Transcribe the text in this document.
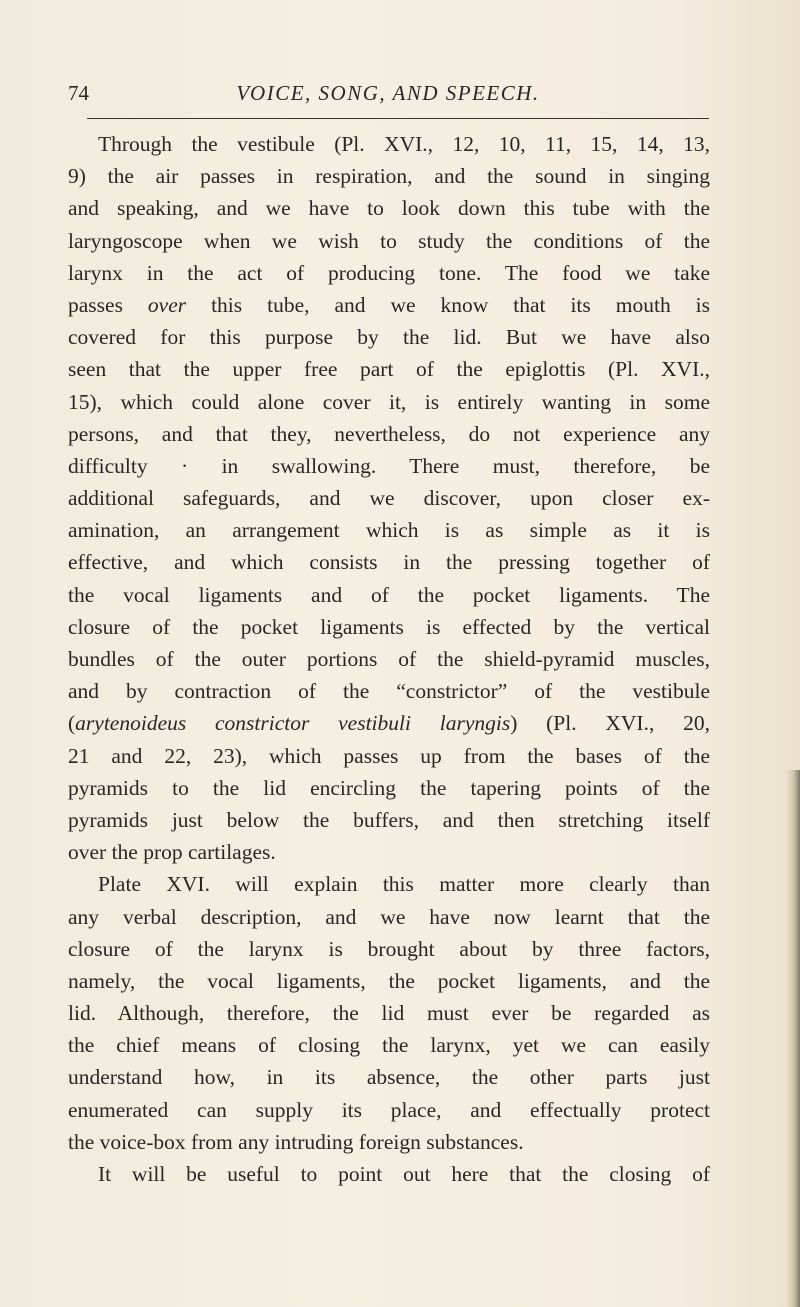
74	VOICE, SONG, AND SPEECH.
Through the vestibule (Pl. XVI., 12, 10, 11, 15, 14, 13,
9) the air passes in respiration, and the sound in singing
and speaking, and we have to look down this tube with the
laryngoscope when we wish to study the conditions of the
larynx in the act of producing tone. The food we take
passes over this tube, and we know that its mouth is
covered for this purpose by the lid. But we have also
seen that the upper free part of the epiglottis (Pl. XVI.,
15), which could alone cover it, is entirely wanting in some
persons, and that they, nevertheless, do not experience any
difficulty · in swallowing. There must, therefore, be
additional safeguards, and we discover, upon closer ex-
amination, an arrangement which is as simple as it is
effective, and which consists in the pressing together of
the vocal ligaments and of the pocket ligaments. The
closure of the pocket ligaments is effected by the vertical
bundles of the outer portions of the shield-pyramid muscles,
and by contraction of the “constrictor” of the vestibule
(arytenoideus constrictor vestibuli laryngis) (Pl. XVI., 20,
21 and 22, 23), which passes up from the bases of the
pyramids to the lid encircling the tapering points of the
pyramids just below the buffers, and then stretching itself
over the prop cartilages.
Plate XVI. will explain this matter more clearly than
any verbal description, and we have now learnt that the
closure of the larynx is brought about by three factors,
namely, the vocal ligaments, the pocket ligaments, and the
lid. Although, therefore, the lid must ever be regarded as
the chief means of closing the larynx, yet we can easily
understand how, in its absence, the other parts just
enumerated can supply its place, and effectually protect
the voice-box from any intruding foreign substances.
It will be useful to point out here that the closing of
